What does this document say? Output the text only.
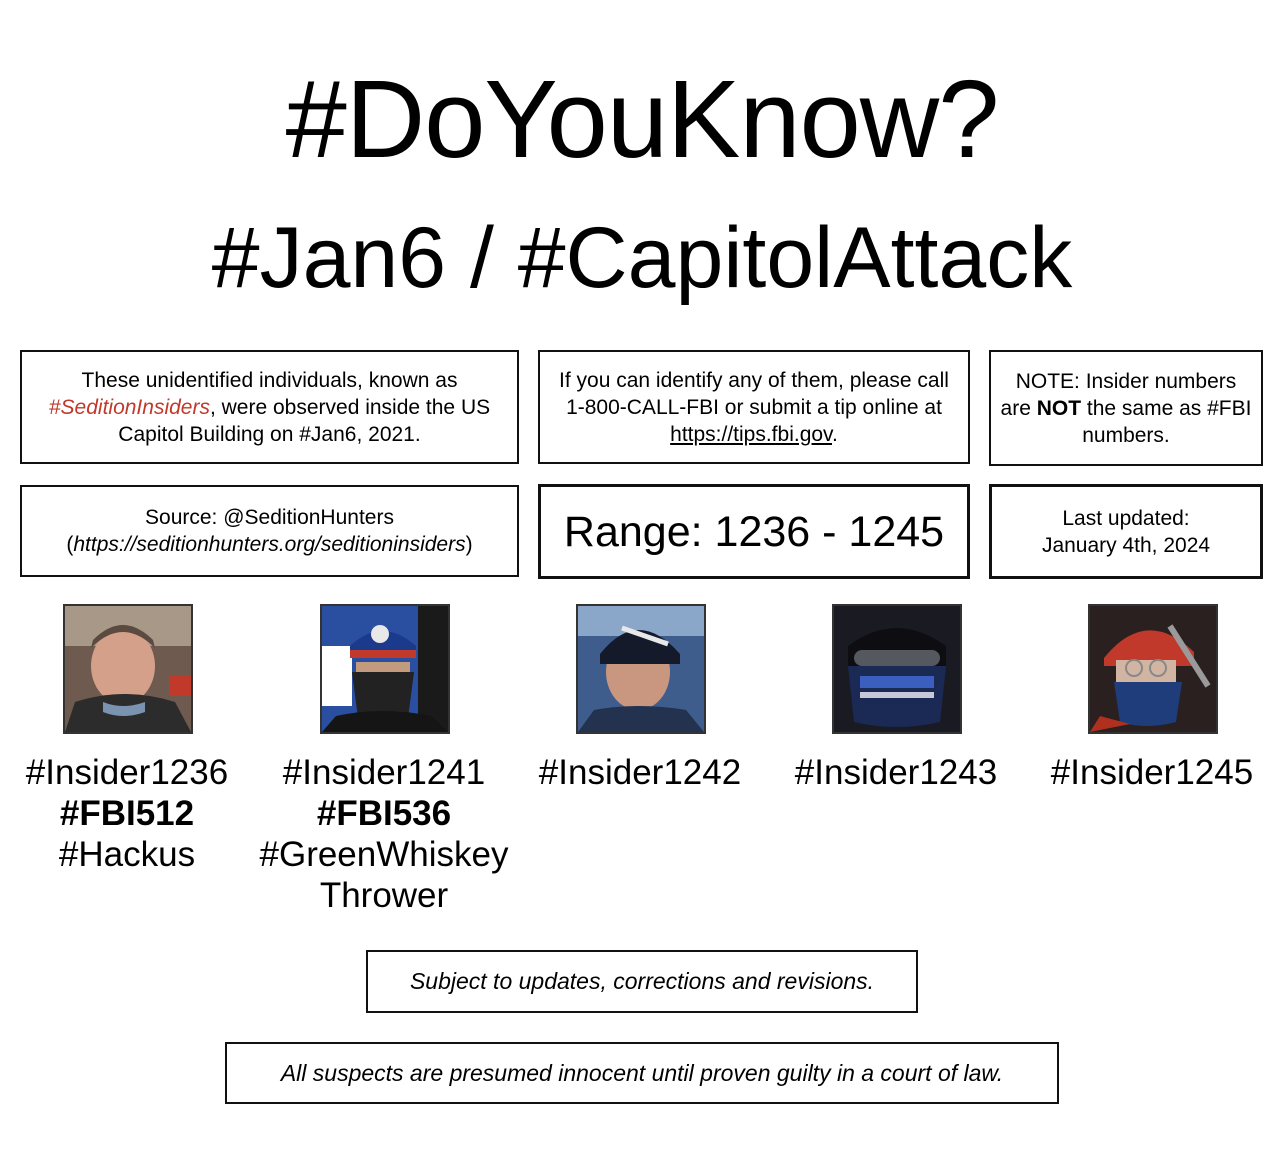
#DoYouKnow?
#Jan6 / #CapitolAttack
These unidentified individuals, known as #SeditionInsiders, were observed inside the US Capitol Building on #Jan6, 2021.
If you can identify any of them, please call 1-800-CALL-FBI or submit a tip online at https://tips.fbi.gov.
NOTE: Insider numbers are NOT the same as #FBI numbers.
Source: @SeditionHunters
(https://seditionhunters.org/seditioninsiders) Range: 1236 - 1245	Last updated:
January 4th, 2024
#Insider1236
#FBI512
#Hackus
#Insider1241
#FBI536
#GreenWhiskey
Thrower
#Insider1242	#Insider1243	#Insider1245
Subject to updates, corrections and revisions.
All suspects are presumed innocent until proven guilty in a court of law.
